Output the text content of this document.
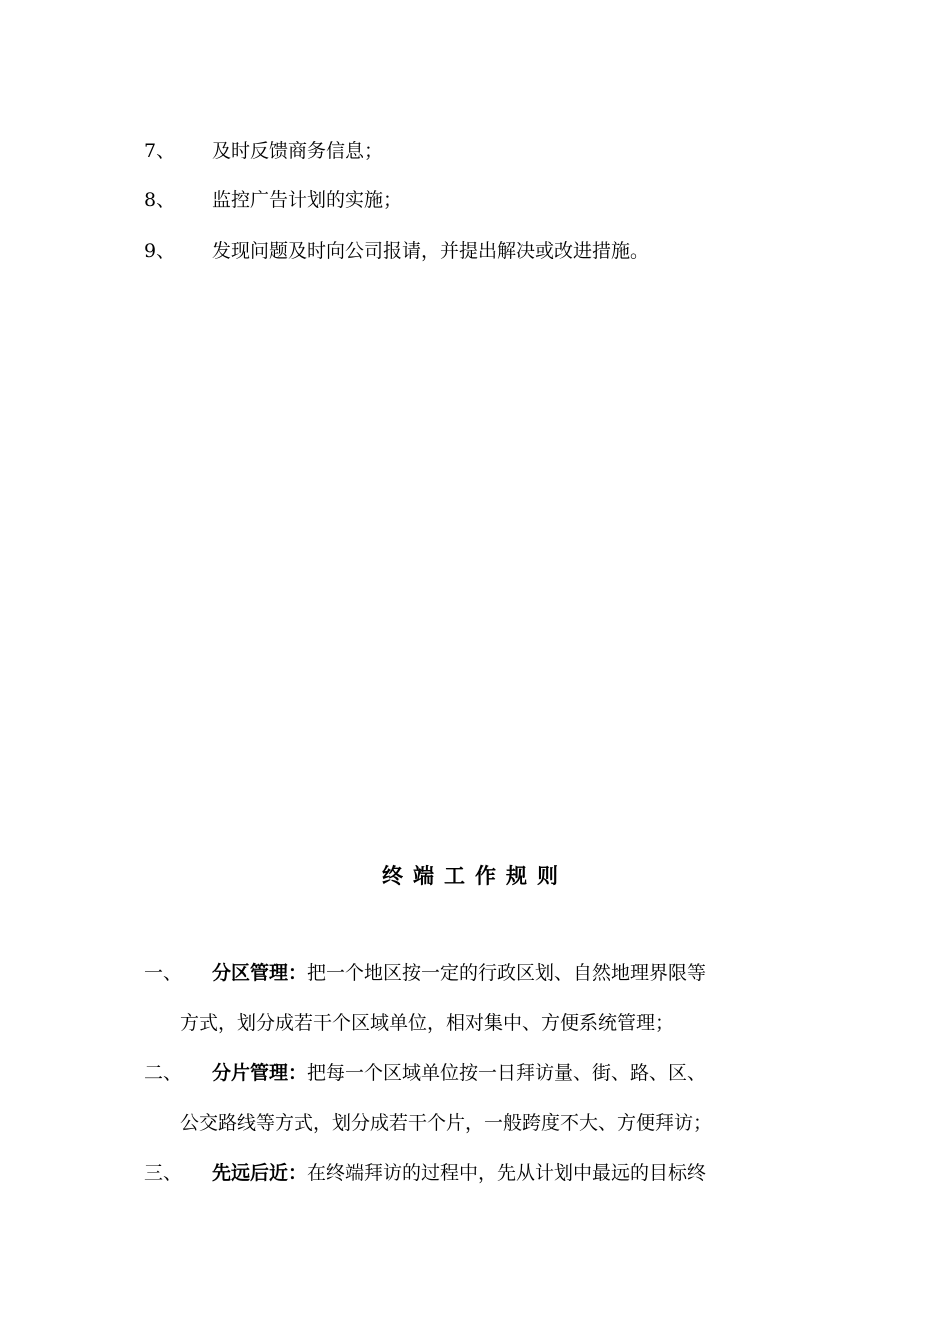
7、 及时反馈商务信息；
8、 监控广告计划的实施；
9、 发现问题及时向公司报请，并提出解决或改进措施。
终端工作规则
一、 分区管理：把一个地区按一定的行政区划、自然地理界限等
方式，划分成若干个区域单位，相对集中、方便系统管理；
二、 分片管理：把每一个区域单位按一日拜访量、街、路、区、
公交路线等方式，划分成若干个片，一般跨度不大、方便拜访；
三、 先远后近：在终端拜访的过程中，先从计划中最远的目标终
